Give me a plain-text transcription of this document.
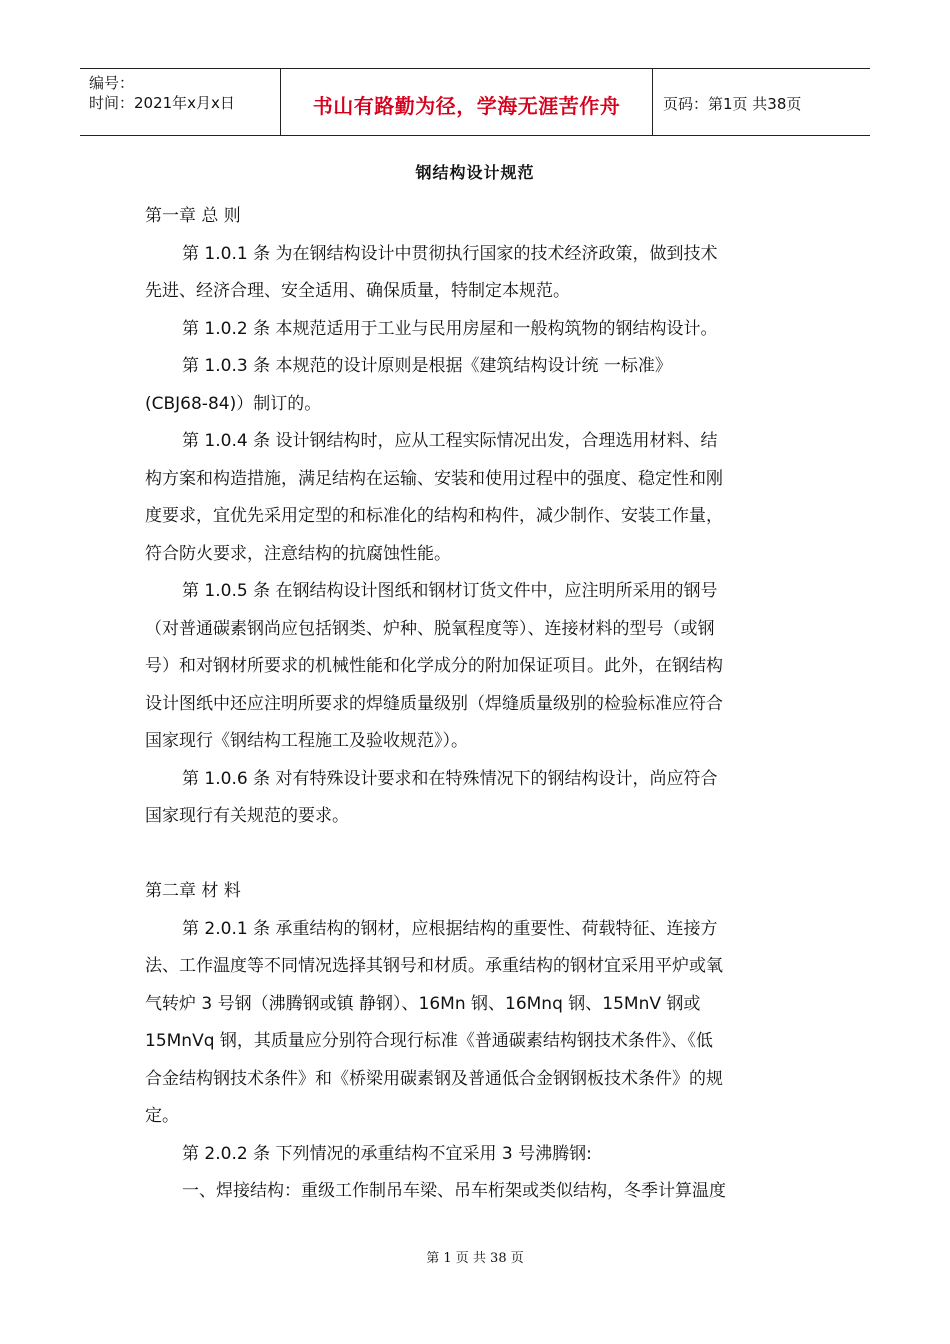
编号：
时间：2021年x月x日	书山有路勤为径，学海无涯苦作舟	页码：第1页 共38页
钢结构设计规范
第一章 总 则
第 1.0.1 条 为在钢结构设计中贯彻执行国家的技术经济政策，做到技术
先进、经济合理、安全适用、确保质量，特制定本规范。
第 1.0.2 条 本规范适用于工业与民用房屋和一般构筑物的钢结构设计。
第 1.0.3 条 本规范的设计原则是根据《建筑结构设计统 一标准》
(CBJ68-84)）制订的。
第 1.0.4 条 设计钢结构时，应从工程实际情况出发，合理选用材料、结
构方案和构造措施，满足结构在运输、安装和使用过程中的强度、稳定性和刚
度要求，宜优先采用定型的和标准化的结构和构件，减少制作、安装工作量，
符合防火要求，注意结构的抗腐蚀性能。
第 1.0.5 条 在钢结构设计图纸和钢材订货文件中，应注明所采用的钢号
（对普通碳素钢尚应包括钢类、炉种、脱氧程度等）、连接材料的型号（或钢
号）和对钢材所要求的机械性能和化学成分的附加保证项目。此外，在钢结构
设计图纸中还应注明所要求的焊缝质量级别（焊缝质量级别的检验标准应符合
国家现行《钢结构工程施工及验收规范》）。
第 1.0.6 条 对有特殊设计要求和在特殊情况下的钢结构设计，尚应符合
国家现行有关规范的要求。
第二章 材 料
第 2.0.1 条 承重结构的钢材，应根据结构的重要性、荷载特征、连接方
法、工作温度等不同情况选择其钢号和材质。承重结构的钢材宜采用平炉或氧
气转炉 3 号钢（沸腾钢或镇 静钢）、16Mn 钢、16Mnq 钢、15MnV 钢或
15MnVq 钢，其质量应分别符合现行标准《普通碳素结构钢技术条件》、《低
合金结构钢技术条件》和《桥梁用碳素钢及普通低合金钢钢板技术条件》的规
定。
第 2.0.2 条 下列情况的承重结构不宜采用 3 号沸腾钢:
一、焊接结构：重级工作制吊车梁、吊车桁架或类似结构，冬季计算温度
第 1 页 共 38 页
